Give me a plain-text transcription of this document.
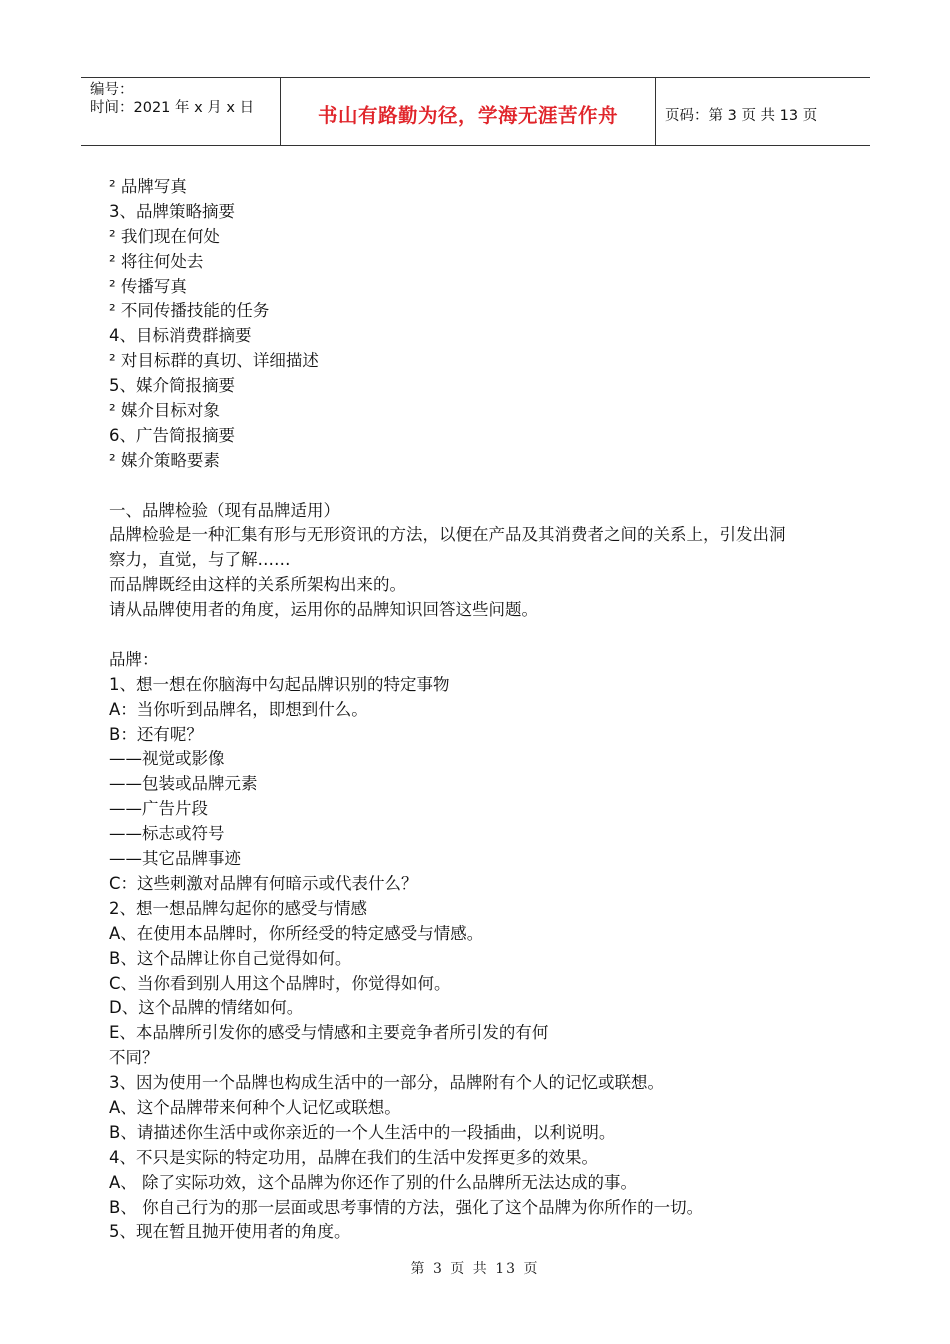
编号：
时间：2021 年 x 月 x 日	书山有路勤为径，学海无涯苦作舟	页码：第 3 页 共 13 页
² 品牌写真
3、品牌策略摘要
² 我们现在何处
² 将往何处去
² 传播写真
² 不同传播技能的任务
4、目标消费群摘要
² 对目标群的真切、详细描述
5、媒介简报摘要
² 媒介目标对象
6、广告简报摘要
² 媒介策略要素
一、品牌检验（现有品牌适用）
品牌检验是一种汇集有形与无形资讯的方法，以便在产品及其消费者之间的关系上，引发出洞
察力，直觉，与了解……
而品牌既经由这样的关系所架构出来的。
请从品牌使用者的角度，运用你的品牌知识回答这些问题。
品牌：
1、想一想在你脑海中勾起品牌识别的特定事物
A：当你听到品牌名，即想到什么。
B：还有呢？
——视觉或影像
——包装或品牌元素
——广告片段
——标志或符号
——其它品牌事迹
C：这些刺激对品牌有何暗示或代表什么？
2、想一想品牌勾起你的感受与情感
A、在使用本品牌时，你所经受的特定感受与情感。
B、这个品牌让你自己觉得如何。
C、当你看到别人用这个品牌时，你觉得如何。
D、这个品牌的情绪如何。
E、本品牌所引发你的感受与情感和主要竞争者所引发的有何
不同？
3、因为使用一个品牌也构成生活中的一部分，品牌附有个人的记忆或联想。
A、这个品牌带来何种个人记忆或联想。
B、请描述你生活中或你亲近的一个人生活中的一段插曲，以利说明。
4、不只是实际的特定功用，品牌在我们的生活中发挥更多的效果。
A、 除了实际功效，这个品牌为你还作了别的什么品牌所无法达成的事。
B、 你自己行为的那一层面或思考事情的方法，强化了这个品牌为你所作的一切。
5、现在暂且抛开使用者的角度。
第 3 页 共 13 页
